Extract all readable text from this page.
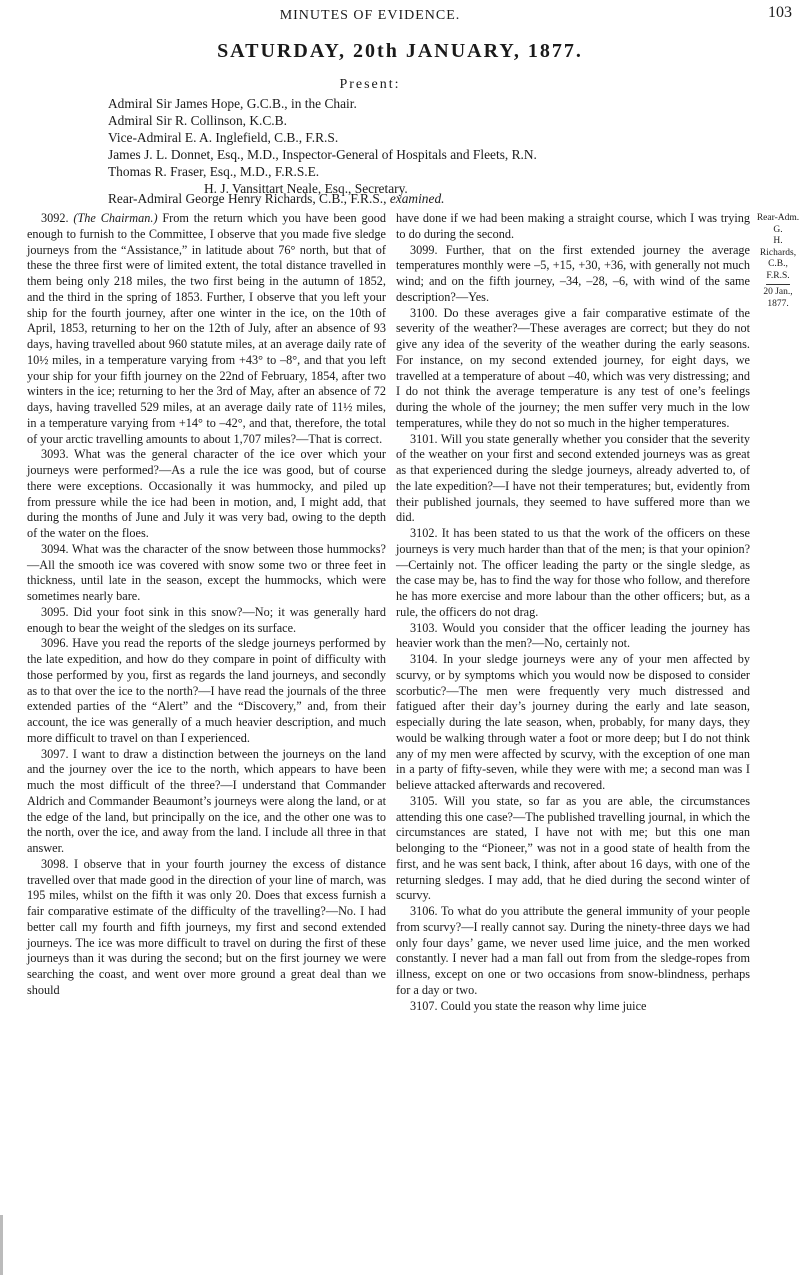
MINUTES OF EVIDENCE.	103
SATURDAY, 20th JANUARY, 1877.
Present:
Admiral Sir James Hope, G.C.B., in the Chair.
Admiral Sir R. Collinson, K.C.B.
Vice-Admiral E. A. Inglefield, C.B., F.R.S.
James J. L. Donnet, Esq., M.D., Inspector-General of Hospitals and Fleets, R.N.
Thomas R. Fraser, Esq., M.D., F.R.S.E.
H. J. Vansittart Neale, Esq., Secretary.
Rear-Admiral George Henry Richards, C.B., F.R.S., examined.

3092. (The Chairman.) From the return which you have been good enough to furnish to the Committee, I observe that you made five sledge journeys from the “Assistance,” in latitude about 76° north, but that of these the three first were of limited extent, the total distance travelled in them being only 218 miles, the two first being in the autumn of 1852, and the third in the spring of 1853. Further, I observe that you left your ship for the fourth journey, after one winter in the ice, on the 10th of April, 1853, returning to her on the 12th of July, after an absence of 93 days, having travelled about 960 statute miles, at an average daily rate of 10½ miles, in a temperature varying from +43° to –8°, and that you left your ship for your fifth journey on the 22nd of February, 1854, after two winters in the ice; returning to her the 3rd of May, after an absence of 72 days, having travelled 529 miles, at an average daily rate of 11½ miles, in a temperature varying from +14° to –42°, and that, therefore, the total of your arctic travelling amounts to about 1,707 miles?—That is correct.

3093. What was the general character of the ice over which your journeys were performed?—As a rule the ice was good, but of course there were exceptions. Occasionally it was hummocky, and piled up from pressure while the ice had been in motion, and, I might add, that during the months of June and July it was very bad, owing to the depth of the water on the floes.

3094. What was the character of the snow between those hummocks?—All the smooth ice was covered with snow some two or three feet in thickness, until late in the season, except the hummocks, which were sometimes nearly bare.

3095. Did your foot sink in this snow?—No; it was generally hard enough to bear the weight of the sledges on its surface.

3096. Have you read the reports of the sledge journeys performed by the late expedition, and how do they compare in point of difficulty with those performed by you, first as regards the land journeys, and secondly as to that over the ice to the north?—I have read the journals of the three extended parties of the “Alert” and the “Discovery,” and, from their account, the ice was generally of a much heavier description, and much more difficult to travel on than I experienced.

3097. I want to draw a distinction between the journeys on the land and the journey over the ice to the north, which appears to have been much the most difficult of the three?—I understand that Commander Aldrich and Commander Beaumont’s journeys were along the land, or at the edge of the land, but principally on the ice, and the other one was to the north, over the ice, and away from the land. I include all three in that answer.

3098. I observe that in your fourth journey the excess of distance travelled over that made good in the direction of your line of march, was 195 miles, whilst on the fifth it was only 20. Does that excess furnish a fair comparative estimate of the difficulty of the travelling?—No. I had better call my fourth and fifth journeys, my first and second extended journeys. The ice was more difficult to travel on during the first of these journeys than it was during the second; but on the first journey we were searching the coast, and went over more ground a great deal than we should

have done if we had been making a straight course, which I was trying to do during the second.

3099. Further, that on the first extended journey the average temperatures monthly were –5, +15, +30, +36, with generally not much wind; and on the fifth journey, –34, –28, –6, with wind of the same description?—Yes.

3100. Do these averages give a fair comparative estimate of the severity of the weather?—These averages are correct; but they do not give any idea of the severity of the weather during the early seasons. For instance, on my second extended journey, for eight days, we travelled at a temperature of about –40, which was very distressing; and I do not think the average temperature is any test of one’s feelings during the whole of the journey; the men suffer very much in the low temperatures, while they do not so much in the higher temperatures.

3101. Will you state generally whether you consider that the severity of the weather on your first and second extended journeys was as great as that experienced during the sledge journeys, already adverted to, of the late expedition?—I have not their temperatures; but, evidently from their published journals, they seemed to have suffered more than we did.

3102. It has been stated to us that the work of the officers on these journeys is very much harder than that of the men; is that your opinion?—Certainly not. The officer leading the party or the single sledge, as the case may be, has to find the way for those who follow, and therefore he has more exercise and more labour than the other officers; but, as a rule, the officers do not drag.

3103. Would you consider that the officer leading the journey has heavier work than the men?—No, certainly not.

3104. In your sledge journeys were any of your men affected by scurvy, or by symptoms which you would now be disposed to consider scorbutic?—The men were frequently very much distressed and fatigued after their day’s journey during the early and late season, especially during the late season, when, probably, for many days, they would be walking through water a foot or more deep; but I do not think any of my men were affected by scurvy, with the exception of one man in a party of fifty-seven, while they were with me; a second man was I believe attacked afterwards and recovered.

3105. Will you state, so far as you are able, the circumstances attending this one case?—The published travelling journal, in which the circumstances are stated, I have not with me; but this one man belonging to the “Pioneer,” was not in a good state of health from the first, and he was sent back, I think, after about 16 days, with one of the returning sledges. I may add, that he died during the second winter of scurvy.

3106. To what do you attribute the general immunity of your people from scurvy?—I really cannot say. During the ninety-three days we had only four days’ game, we never used lime juice, and the men worked constantly. I never had a man fall out from from the sledge-ropes from illness, except on one or two occasions from snow-blindness, perhaps for a day or two.

3107. Could you state the reason why lime juice

Rear-Adm. G.
H. Richards,
C.B., F.R.S.
20 Jan., 1877.
